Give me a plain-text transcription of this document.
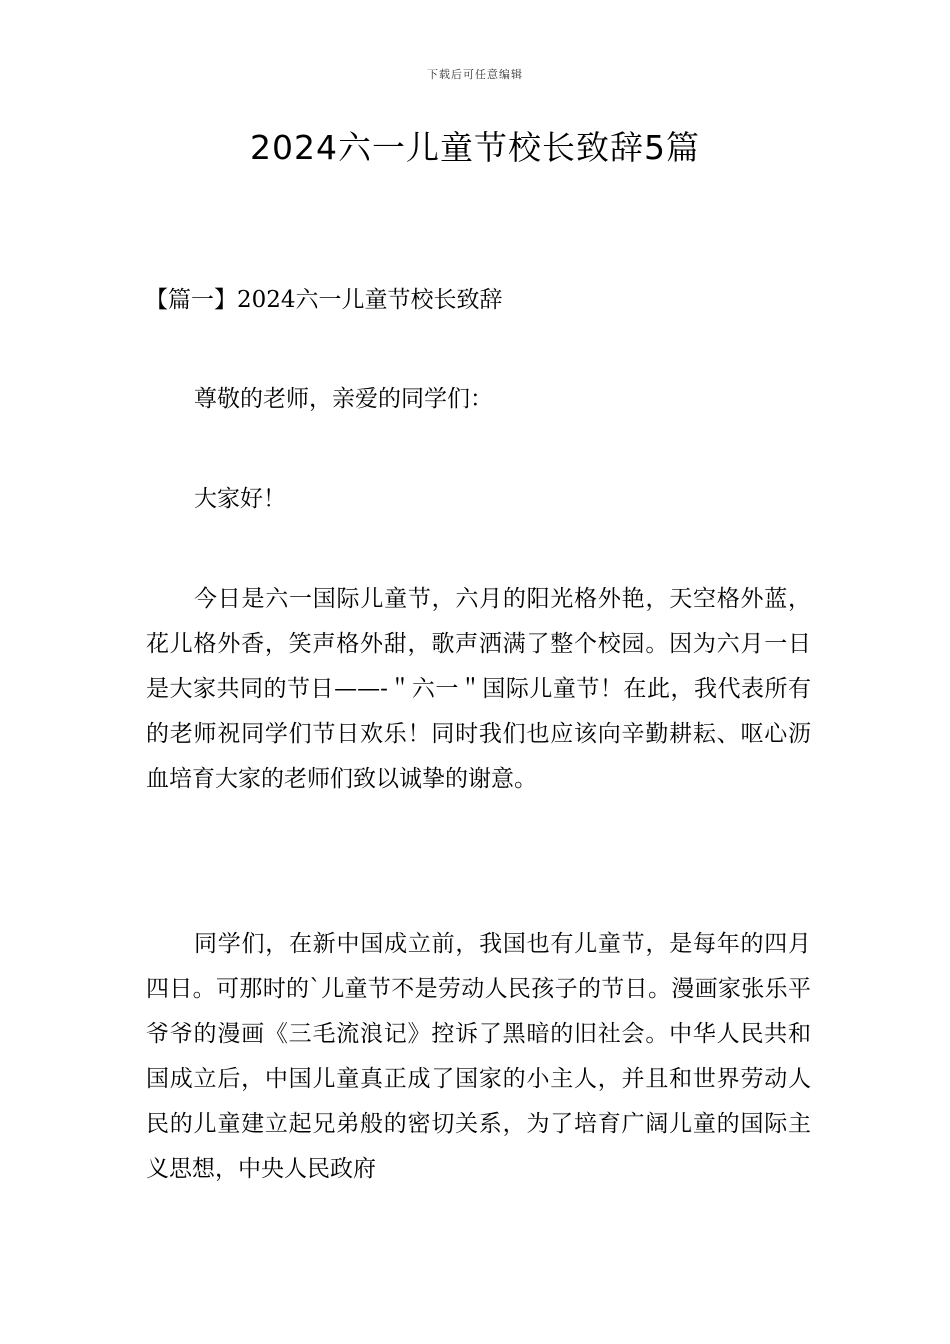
下载后可任意编辑
2024六一儿童节校长致辞5篇
【篇一】2024六一儿童节校长致辞

尊敬的老师，亲爱的同学们：

大家好！

今日是六一国际儿童节，六月的阳光格外艳，天空格外蓝，花儿格外香，笑声格外甜，歌声洒满了整个校园。因为六月一日是大家共同的节日——-＂六一＂国际儿童节！在此，我代表所有的老师祝同学们节日欢乐！同时我们也应该向辛勤耕耘、呕心沥血培育大家的老师们致以诚挚的谢意。

同学们，在新中国成立前，我国也有儿童节，是每年的四月四日。可那时的`儿童节不是劳动人民孩子的节日。漫画家张乐平爷爷的漫画《三毛流浪记》控诉了黑暗的旧社会。中华人民共和国成立后，中国儿童真正成了国家的小主人，并且和世界劳动人民的儿童建立起兄弟般的密切关系，为了培育广阔儿童的国际主义思想，中央人民政府
